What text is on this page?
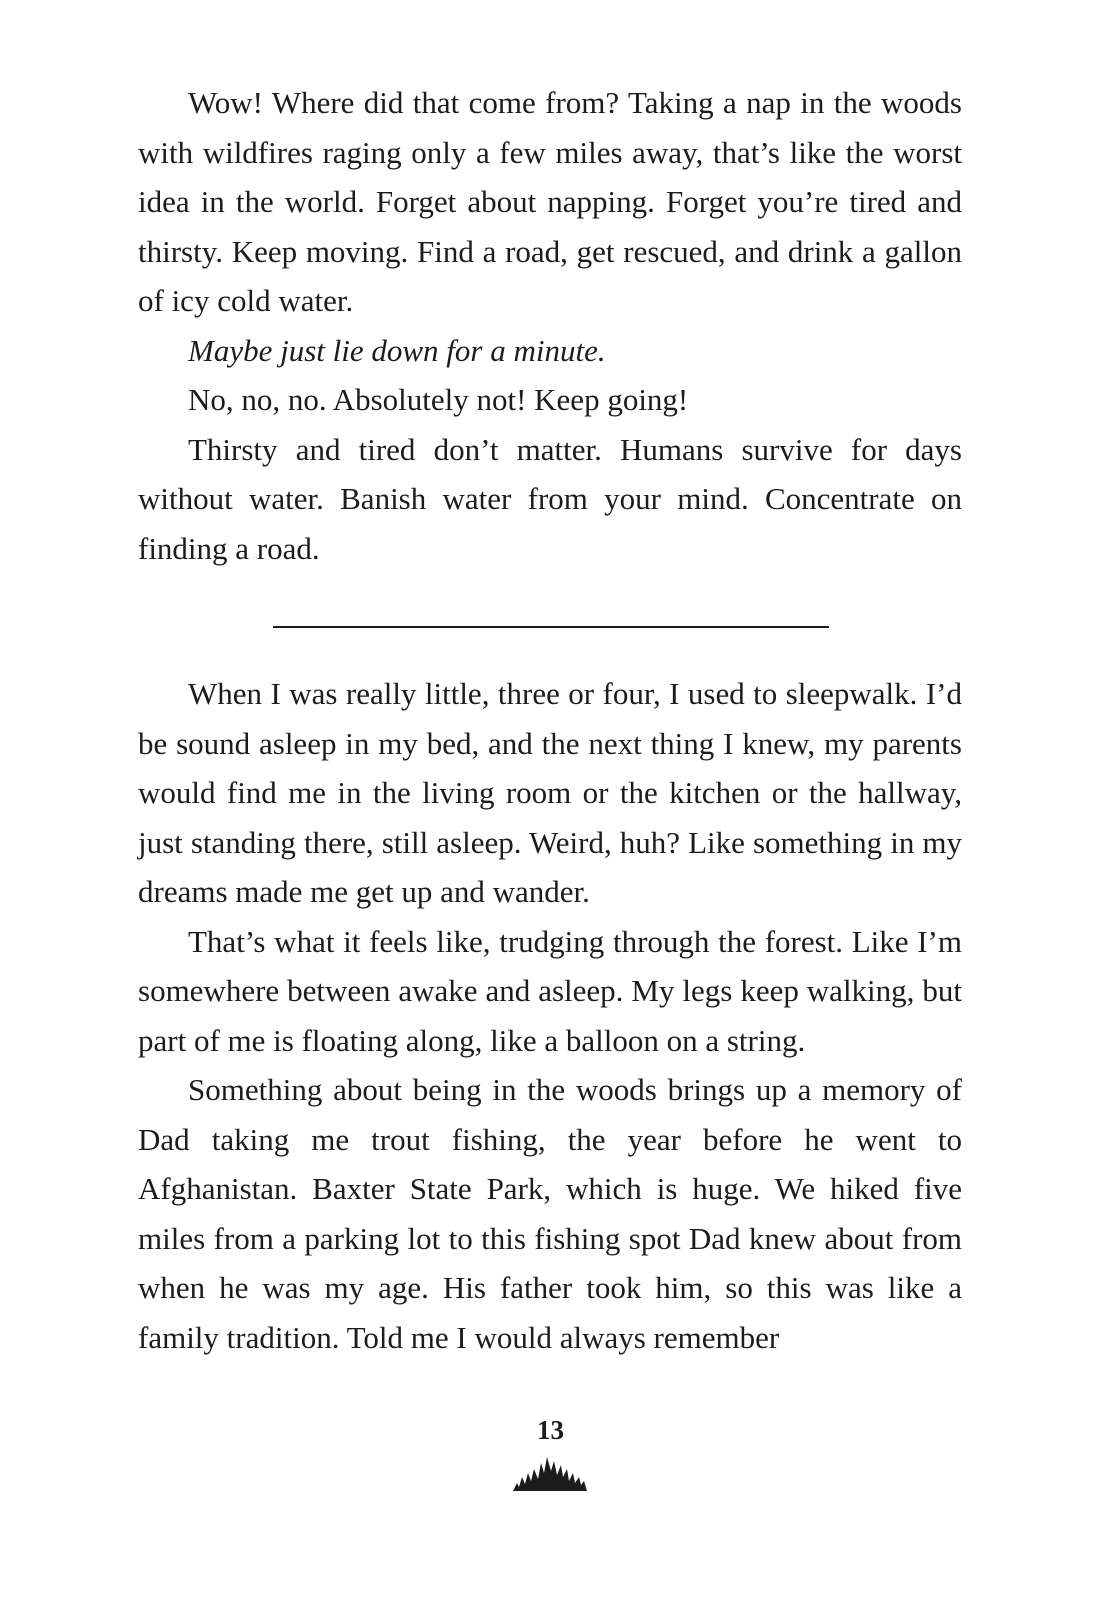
Wow! Where did that come from? Taking a nap in the woods with wildfires raging only a few miles away, that’s like the worst idea in the world. Forget about napping. Forget you’re tired and thirsty. Keep moving. Find a road, get rescued, and drink a gallon of icy cold water.

Maybe just lie down for a minute.

No, no, no. Absolutely not! Keep going!

Thirsty and tired don’t matter. Humans survive for days without water. Banish water from your mind. Concentrate on finding a road.

When I was really little, three or four, I used to sleepwalk. I’d be sound asleep in my bed, and the next thing I knew, my parents would find me in the living room or the kitchen or the hallway, just standing there, still asleep. Weird, huh? Like something in my dreams made me get up and wander.

That’s what it feels like, trudging through the forest. Like I’m somewhere between awake and asleep. My legs keep walking, but part of me is floating along, like a balloon on a string.

Something about being in the woods brings up a memory of Dad taking me trout fishing, the year before he went to Afghanistan. Baxter State Park, which is huge. We hiked five miles from a parking lot to this fishing spot Dad knew about from when he was my age. His father took him, so this was like a family tradition. Told me I would always remember

13
